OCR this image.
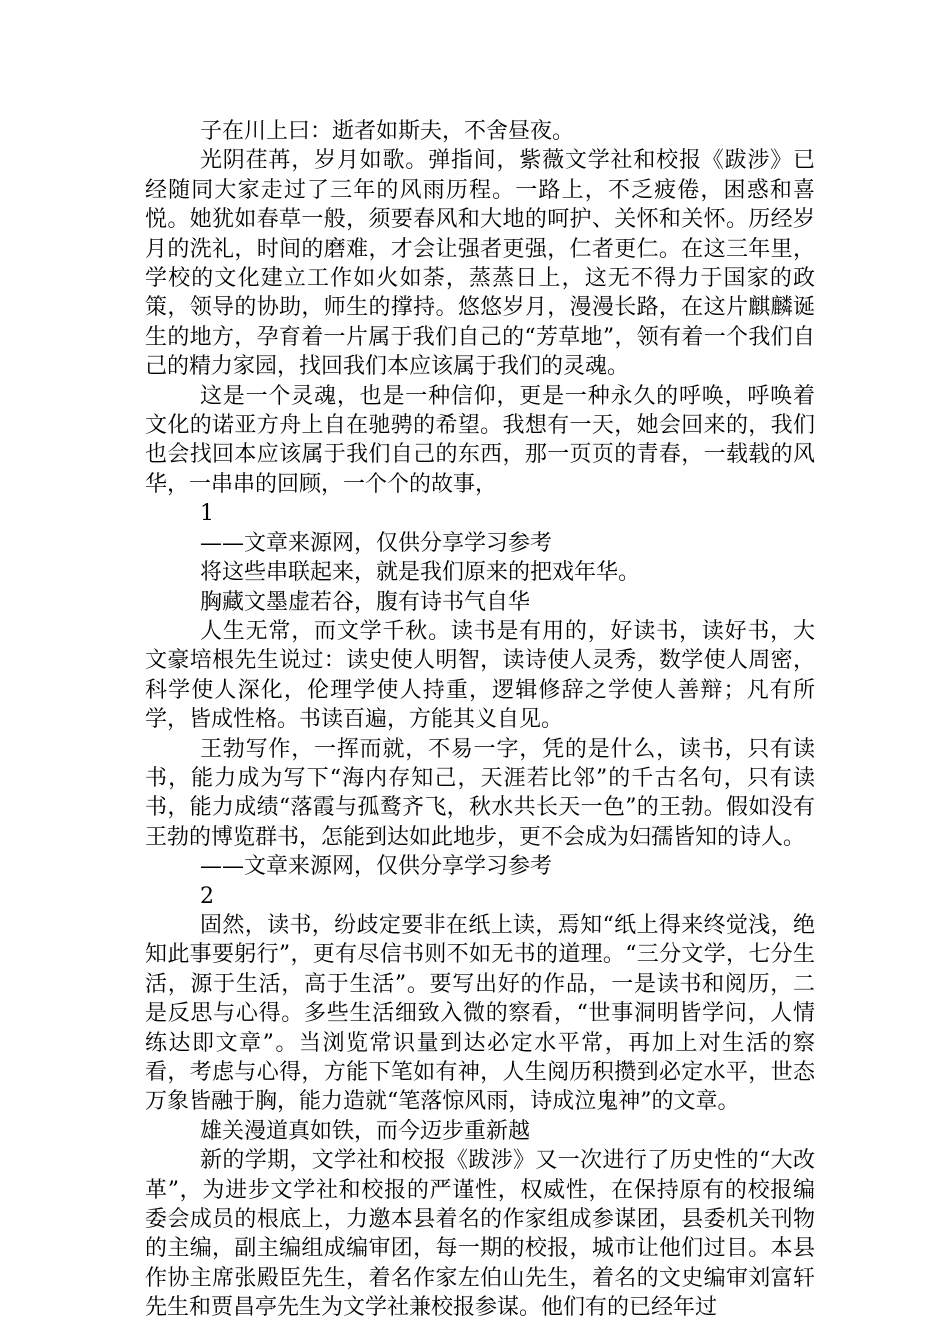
子在川上曰：逝者如斯夫，不舍昼夜。

光阴荏苒，岁月如歌。弹指间，紫薇文学社和校报《跋涉》已经随同大家走过了三年的风雨历程。一路上，不乏疲倦，困惑和喜悦。她犹如春草一般，须要春风和大地的呵护、关怀和关怀。历经岁月的洗礼，时间的磨难，才会让强者更强，仁者更仁。在这三年里，学校的文化建立工作如火如荼，蒸蒸日上，这无不得力于国家的政策，领导的协助，师生的撑持。悠悠岁月，漫漫长路，在这片麒麟诞生的地方，孕育着一片属于我们自己的“芳草地”，领有着一个我们自己的精力家园，找回我们本应该属于我们的灵魂。

这是一个灵魂，也是一种信仰，更是一种永久的呼唤，呼唤着文化的诺亚方舟上自在驰骋的希望。我想有一天，她会回来的，我们也会找回本应该属于我们自己的东西，那一页页的青春，一载载的风华，一串串的回顾，一个个的故事，

1

——文章来源网，仅供分享学习参考

将这些串联起来，就是我们原来的把戏年华。

胸藏文墨虚若谷，腹有诗书气自华

人生无常，而文学千秋。读书是有用的，好读书，读好书，大文豪培根先生说过：读史使人明智，读诗使人灵秀，数学使人周密，科学使人深化，伦理学使人持重，逻辑修辞之学使人善辩；凡有所学，皆成性格。书读百遍，方能其义自见。

王勃写作，一挥而就，不易一字，凭的是什么，读书，只有读书，能力成为写下“海内存知己，天涯若比邻”的千古名句，只有读书，能力成绩“落霞与孤鹜齐飞，秋水共长天一色”的王勃。假如没有王勃的博览群书，怎能到达如此地步，更不会成为妇孺皆知的诗人。

——文章来源网，仅供分享学习参考

2

固然，读书，纷歧定要非在纸上读，焉知“纸上得来终觉浅，绝知此事要躬行”，更有尽信书则不如无书的道理。“三分文学，七分生活，源于生活，高于生活”。要写出好的作品，一是读书和阅历，二是反思与心得。多些生活细致入微的察看，“世事洞明皆学问，人情练达即文章”。当浏览常识量到达必定水平常，再加上对生活的察看，考虑与心得，方能下笔如有神，人生阅历积攒到必定水平，世态万象皆融于胸，能力造就“笔落惊风雨，诗成泣鬼神”的文章。

雄关漫道真如铁，而今迈步重新越

新的学期，文学社和校报《跋涉》又一次进行了历史性的“大改革”，为进步文学社和校报的严谨性，权威性，在保持原有的校报编委会成员的根底上，力邀本县着名的作家组成参谋团，县委机关刊物的主编，副主编组成编审团，每一期的校报，城市让他们过目。本县作协主席张殿臣先生，着名作家左伯山先生，着名的文史编审刘富轩先生和贾昌亭先生为文学社兼校报参谋。他们有的已经年过
